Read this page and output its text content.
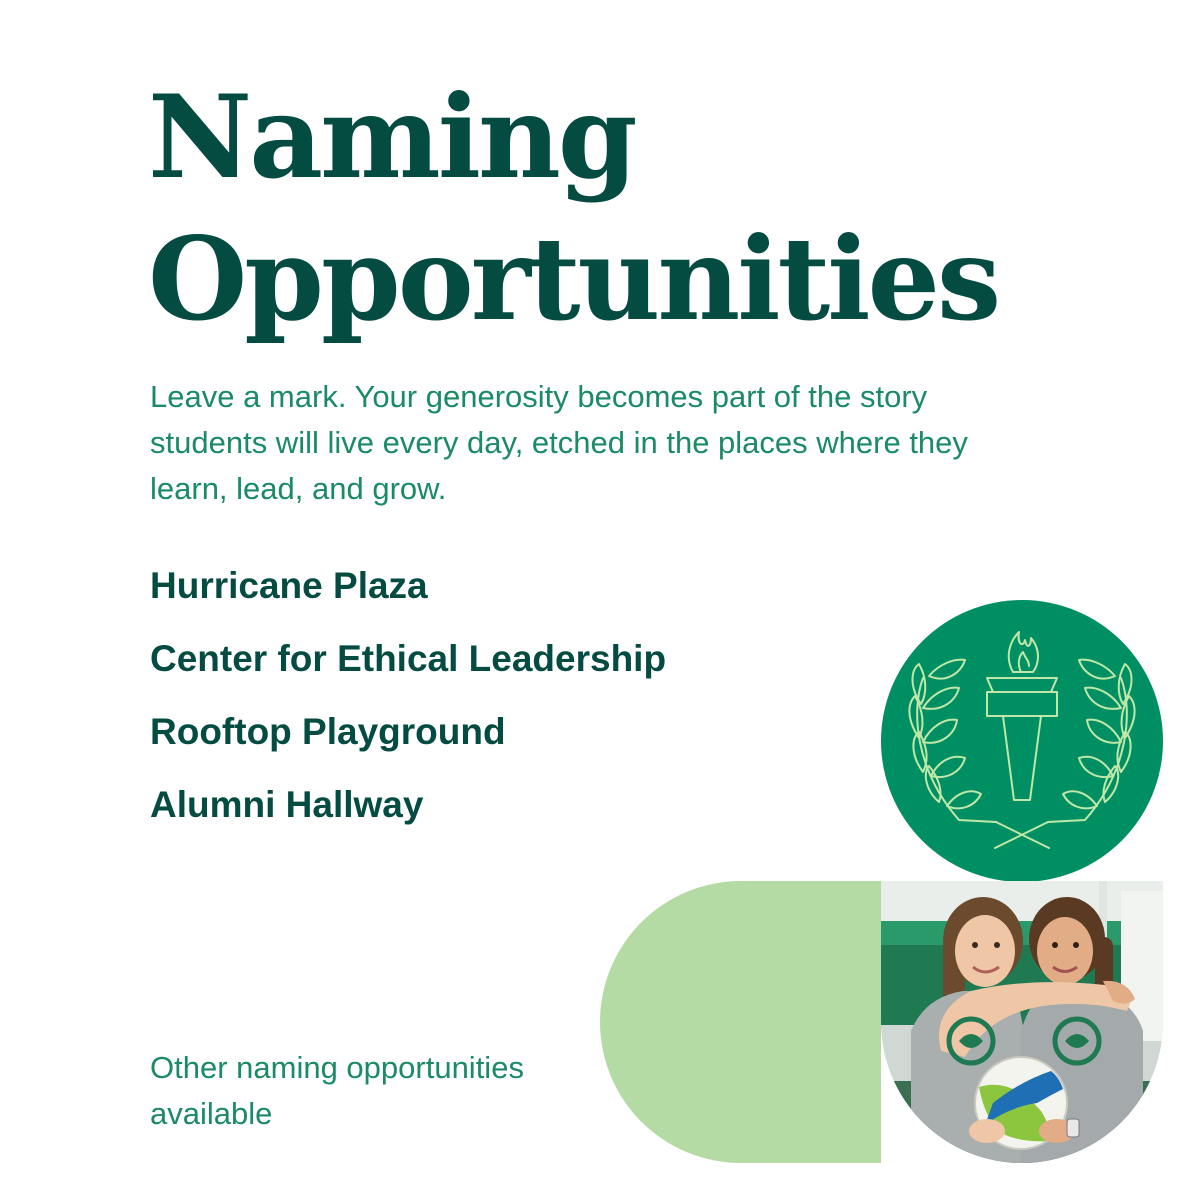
Naming
Opportunities

Leave a mark. Your generosity becomes part of the story students will live every day, etched in the places where they learn, lead, and grow.

Hurricane Plaza
Center for Ethical Leadership
Rooftop Playground
Alumni Hallway

Other naming opportunities available
